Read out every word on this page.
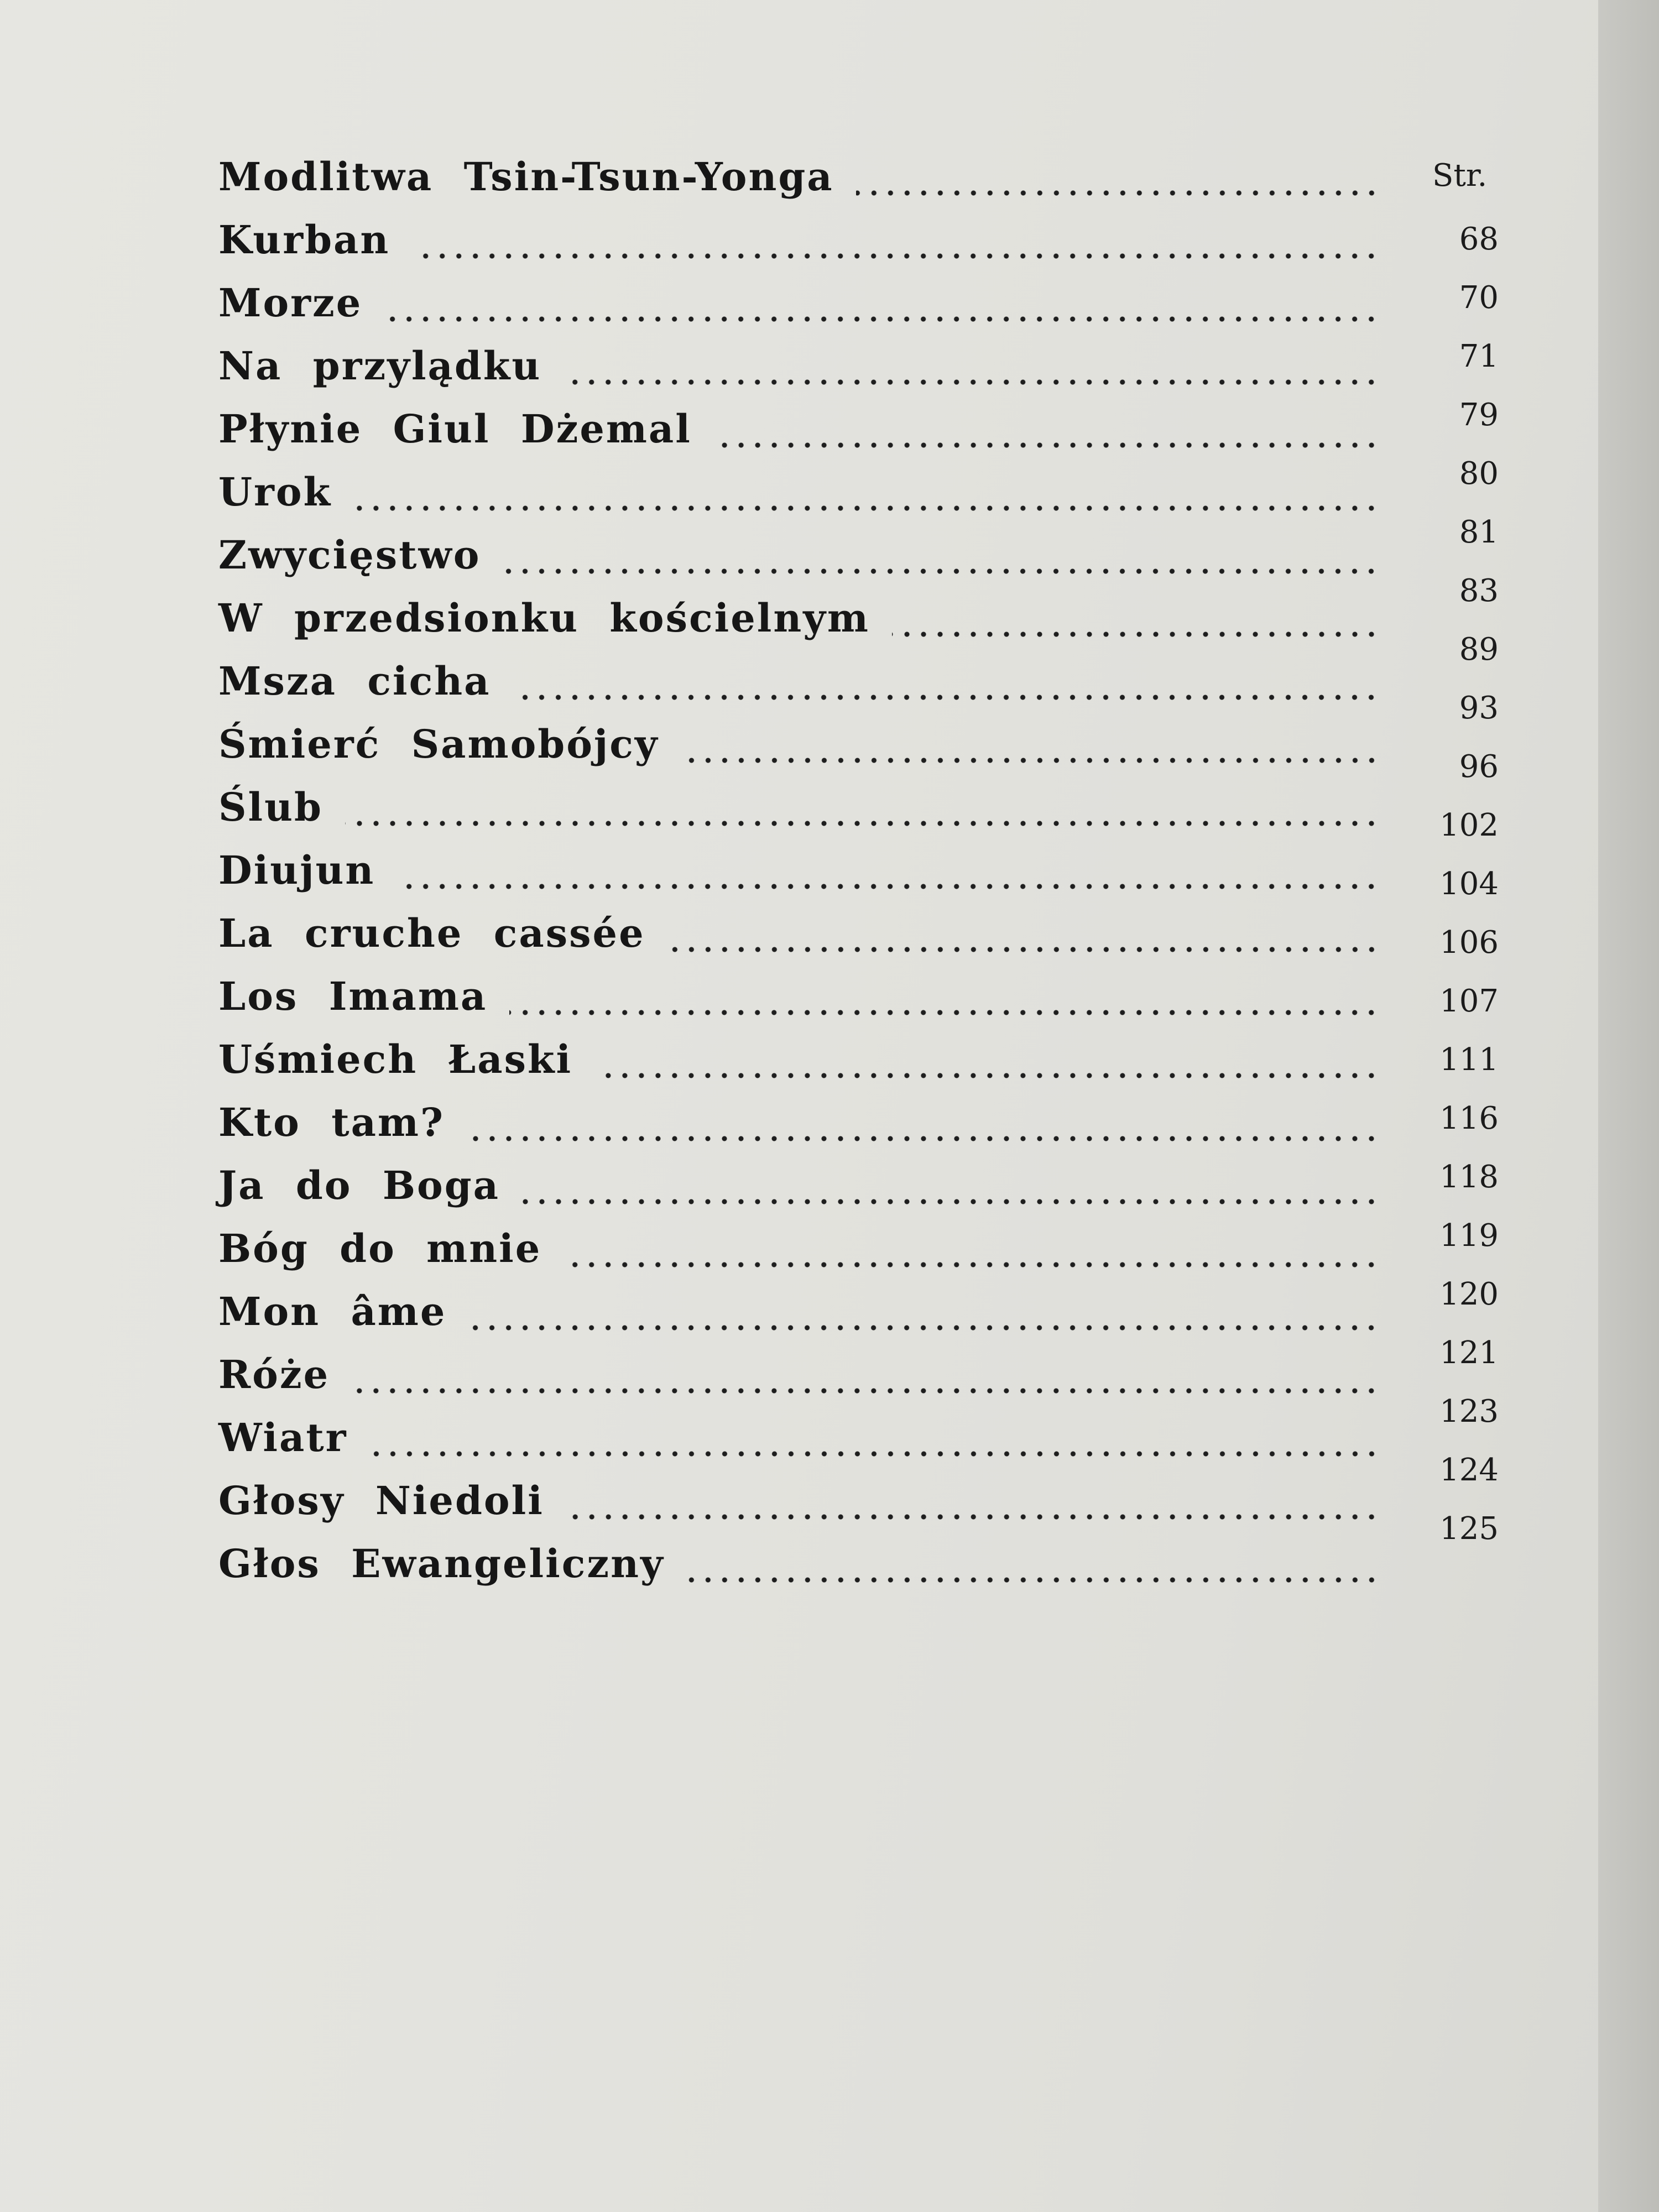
Str.
Modlitwa Tsin-Tsun-Yonga
Kurban
Morze
Na przylądku
Płynie Giul Dżemal
Urok
Zwycięstwo
W przedsionku kościelnym
Msza cicha
Śmierć Samobójcy
Ślub
Diujun
La cruche cassée
Los Imama
Uśmiech Łaski
Kto tam?
Ja do Boga
Bóg do mnie
Mon âme
Róże
Wiatr
Głosy Niedoli
Głos Ewangeliczny
68
70
71
79
80
81
83
89
93
96
102
104
106
107
111
116
118
119
120
121
123
124
125
